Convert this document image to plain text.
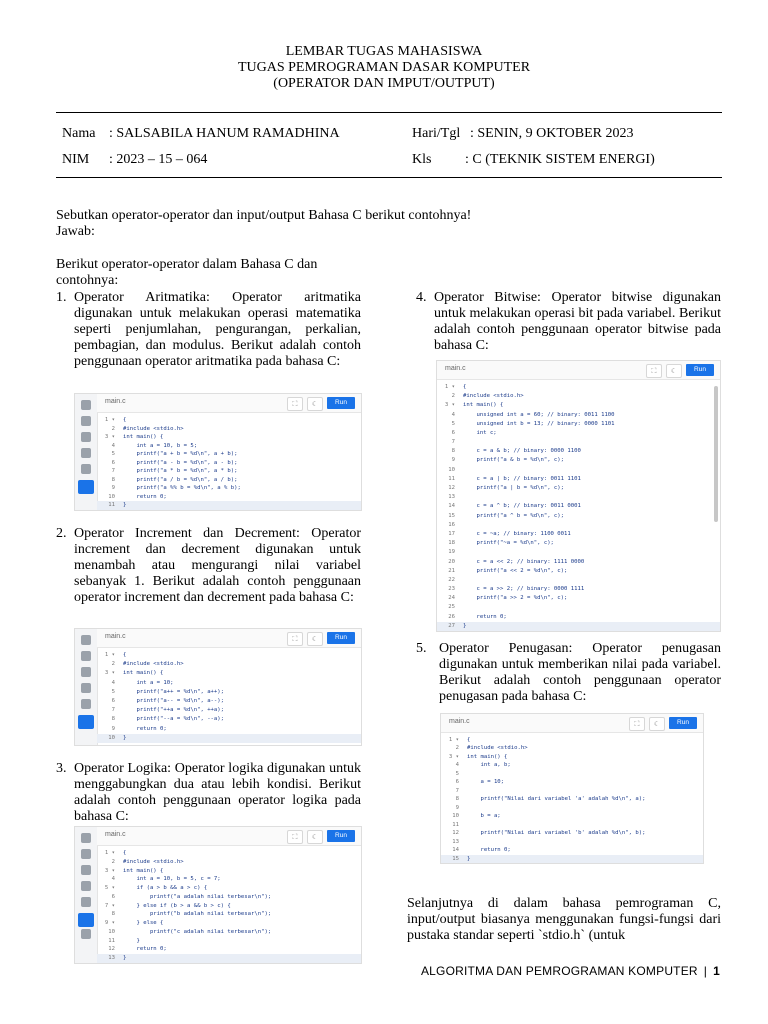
LEMBAR TUGAS MAHASISWA
TUGAS PEMROGRAMAN DASAR KOMPUTER
(OPERATOR DAN IMPUT/OUTPUT)
Nama : SALSABILA HANUM RAMADHINA
NIM : 2023 – 15 – 064
Hari/Tgl : SENIN, 9 OKTOBER 2023
Kls : C (TEKNIK SISTEM ENERGI)
Sebutkan operator-operator dan input/output Bahasa C berikut contohnya!
Jawab:
Berikut operator-operator dalam Bahasa C dan contohnya:
1. Operator Aritmatika: Operator aritmatika digunakan untuk melakukan operasi matematika seperti penjumlahan, pengurangan, perkalian, pembagian, dan modulus. Berikut adalah contoh penggunaan operator aritmatika pada bahasa C:
2. Operator Increment dan Decrement: Operator increment dan decrement digunakan untuk menambah atau mengurangi nilai variabel sebanyak 1. Berikut adalah contoh penggunaan operator increment dan decrement pada bahasa C:
3. Operator Logika: Operator logika digunakan untuk menggabungkan dua atau lebih kondisi. Berikut adalah contoh penggunaan operator logika pada bahasa C:
4. Operator Bitwise: Operator bitwise digunakan untuk melakukan operasi bit pada variabel. Berikut adalah contoh penggunaan operator bitwise pada bahasa C:
5. Operator Penugasan: Operator penugasan digunakan untuk memberikan nilai pada variabel. Berikut adalah contoh penggunaan operator penugasan pada bahasa C:
Selanjutnya di dalam bahasa pemrograman C, input/output biasanya menggunakan fungsi-fungsi dari pustaka standar seperti `stdio.h` (untuk
main.c	⛶	☾	Run
1 ▾ {
2 #include <stdio.h>
3 ▾ int main() {
4 int a = 10, b = 5;
5 printf("a + b = %d\n", a + b);
6 printf("a - b = %d\n", a - b);
7 printf("a * b = %d\n", a * b);
8 printf("a / b = %d\n", a / b);
9 printf("a %% b = %d\n", a % b);
10 return 0;
11 }
main.c	⛶	☾	Run
1 ▾ {
2 #include <stdio.h>
3 ▾ int main() {
4 int a = 10;
5 printf("a++ = %d\n", a++);
6 printf("a-- = %d\n", a--);
7 printf("++a = %d\n", ++a);
8 printf("--a = %d\n", --a);
9 return 0;
10 }
main.c	⛶	☾	Run
1 ▾ {
2 #include <stdio.h>
3 ▾ int main() {
4 int a = 10, b = 5, c = 7;
5 ▾ if (a > b && a > c) {
6 printf("a adalah nilai terbesar\n");
7 ▾ } else if (b > a && b > c) {
8 printf("b adalah nilai terbesar\n");
9 ▾ } else {
10 printf("c adalah nilai terbesar\n");
11 }
12 return 0;
13 }
main.c	⛶	☾	Run
1 ▾ {
2 #include <stdio.h>
3 ▾ int main() {
4 unsigned int a = 60; // binary: 0011 1100
5 unsigned int b = 13; // binary: 0000 1101
6 int c;
7
8 c = a & b; // binary: 0000 1100
9 printf("a & b = %d\n", c);
10
11 c = a | b; // binary: 0011 1101
12 printf("a | b = %d\n", c);
13
14 c = a ^ b; // binary: 0011 0001
15 printf("a ^ b = %d\n", c);
16
17 c = ~a; // binary: 1100 0011
18 printf("~a = %d\n", c);
19
20 c = a << 2; // binary: 1111 0000
21 printf("a << 2 = %d\n", c);
22
23 c = a >> 2; // binary: 0000 1111
24 printf("a >> 2 = %d\n", c);
25
26 return 0;
27 }
main.c	⛶	☾	Run
1 ▾ {
2 #include <stdio.h>
3 ▾ int main() {
4 int a, b;
5
6 a = 10;
7
8 printf("Nilai dari variabel 'a' adalah %d\n", a);
9
10 b = a;
11
12 printf("Nilai dari variabel 'b' adalah %d\n", b);
13
14 return 0;
15 }
ALGORITMA DAN PEMROGRAMAN KOMPUTER | 1
